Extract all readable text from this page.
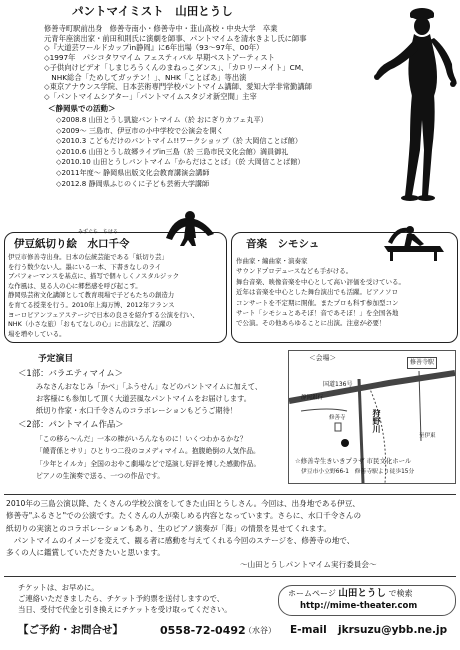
パントマイミスト　山田とうし
修善寺町駅前出身　修善寺南小・修善寺中・韮山高校・中央大学　卒業
元青年座演出家・前田和則氏に演劇を師事、パントマイムを清水きよし氏に師事
◇『大道芸ワールドカップin静岡』に6年出場（93～97年、00年）
◇1997年　パシコタワマイム フェスティバル 早期ベストアーティスト
◇子供向けビデオ「しまじろうくんのまねっこダンス」、「カロリーメイト」CM、
　NHK総合「ためしてガッテン！」、NHK「ことばあ」等出演
◇東京アナウンス学院、日本芸術専門学校パントマイム講師、愛知大学非常勤講師
◇「パントマイムシアター」「パントマイムスタジオ新空間」主宰
＜静岡県での活動＞
◇2008.8 山田とうし凱旋パントマイム（於 おにぎりカフェ丸平）
◇2009～ 三島市、伊豆市の小中学校で公演会を開く
◇2010.3 こどもだけのパントマイム!!ワークショップ（於 大岡信ことば館）
◇2010.6 山田とうし故郷ライブin三島（於 三島市民文化会館）満員御礼
◇2010.10 山田とうしパントマイム「からだはことば」（於 大岡信ことば館）
◇2011年度～ 静岡県出版文化会教育講演会講師
◇2012.8 静岡県ふじのくに子ども芸術大学講師
伊豆紙切り絵　水口千令
みずぐち　ちはる
伊豆市修善寺出身。日本の伝統芸能である「紙切り芸」
を行う数少ない人。墨にいる一本、下書きなしのライ
ブパフォーマンスを基点に、描写で個々しくノスタルジック
な作風は、見る人の心に郷愁感を呼び起こす。
静岡県芸術文化講師として教育現場で子どもたちの創造力
を育てる授業を行う。2010年上海万博、2012年フランス
ヨーロピアンフェアステージで日本の良さを紹介する公演を行い、
NHK（小さな旅）「おもてなしの心」に出演など、活躍の
場を増やしている。
音楽　シモシュ
作曲家・編曲家・演奏家
サウンドプロデュースなども手がける。
舞台音楽、映像音楽を中心として高い評価を受けている。
近年は音楽を中心とした舞台演出でも活躍。ピアノソロ
コンサートを不定期に開催。またプロも科す参加型コン
サート「シモシュとあそぼ！音であそぼ！」を全国各地
で公演。その他あらゆることに出演。注意が必要！
予定演目
＜1部：バラエティマイム＞
みなさんおなじみ「かべ」「ふうせん」などのパントマイムに加えて、
お客様にも参加して頂く大道芸風なパントマイムをお届けします。
紙切り作家・水口千令さんのコラボレーションもどうご期待！
＜2部：パントマイム作品＞
「この移ら～んだ」一本の棒がいろんなものに！いくつわかるかな？
「饒青係とサリ」ひとりつ二役のコメディマイム。抱腹絶倒の人気作品。
「少年とイルカ」全国のおやこ劇場などで巡演し好評を博した感動作品。
ピアノの生演奏で送る、一つの作品です。
＜会場＞
修善寺駅
国道136号
静岡銀行
修善寺	狩野川
至伊東
☆修善寺生きいきプラザ 市民文化ホール
伊豆市小立野66-1　修善寺駅より徒歩15分
2010年の三島公演以降、たくさんの学校公演をしてきた山田とうしさん。今回は、出身地である伊豆、
修善寺"ふるさと"での公演です。たくさんの人が楽しめる内容となっています。さらに、水口千令さんの
紙切りの実演とのコラボレーションもあり、生のピアノ演奏が「海」の情景を見せてくれます。
　パントマイムのイメージを変えて、観る者に感動を与えてくれる今回のステージを、修善寺の地で、
多くの人に鑑賞していただきたいと思います。
～山田とうしパントマイム実行委員会～
チケットは、お早めに。
ご連絡いただきましたら、チケット予約票を送付しますので、
当日、受付で代金と引き換えにチケットを受け取ってください。
ホームページ 山田とうし で検索
http://mime-theater.com
【ご予約・お問合せ】	0558-72-0492
（水谷） E-mail jkrsuzu@ybb.ne.jp
